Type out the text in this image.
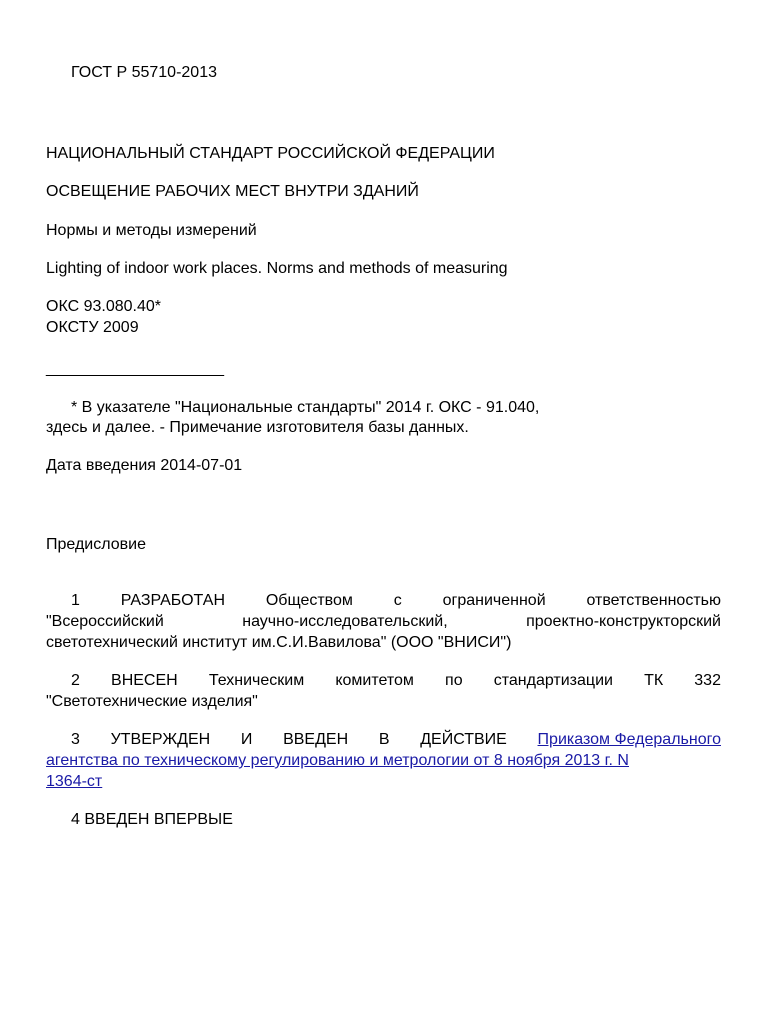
ГОСТ Р 55710-2013

НАЦИОНАЛЬНЫЙ СТАНДАРТ РОССИЙСКОЙ ФЕДЕРАЦИИ

ОСВЕЩЕНИЕ РАБОЧИХ МЕСТ ВНУТРИ ЗДАНИЙ

Нормы и методы измерений

Lighting of indoor work places. Norms and methods of measuring

ОКС 93.080.40*

ОКСТУ 2009

____________________

* В указателе "Национальные стандарты" 2014 г. ОКС - 91.040,

здесь и далее. - Примечание изготовителя базы данных.

Дата введения 2014-07-01

Предисловие

1	РАЗРАБОТАН	Обществом	с	ограниченной	ответственностью
"Всероссийский	научно-исследовательский,	проектно-конструкторский
светотехнический институт им.С.И.Вавилова" (ООО "ВНИСИ")
2 ВНЕСЕН Техническим комитетом по стандартизации ТК 332
"Светотехнические изделия"
3 УТВЕРЖДЕН И ВВЕДЕН В ДЕЙСТВИЕ Приказом Федерального
агентства по техническому регулированию и метрологии от 8 ноября 2013 г. N
1364-ст

4 ВВЕДЕН ВПЕРВЫЕ
